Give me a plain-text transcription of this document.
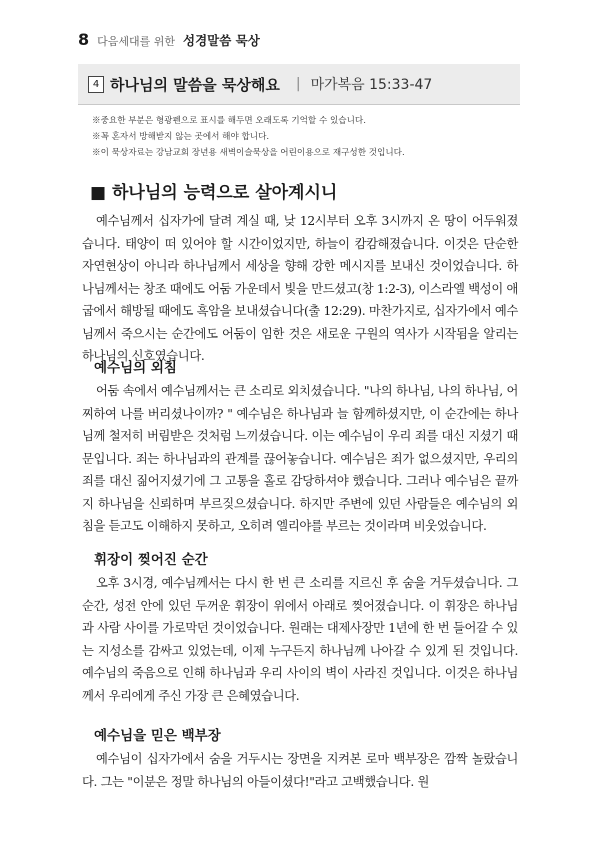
8 다음세대를 위한 성경말씀 묵상
4 하나님의 말씀을 묵상해요 | 마가복음 15:33-47
※중요한 부분은 형광펜으로 표시를 해두면 오래도록 기억할 수 있습니다.
※꼭 혼자서 방해받지 않는 곳에서 해야 합니다.
※이 묵상자료는 강남교회 장년용 새벽이슬묵상을 어린이용으로 재구성한 것입니다.
■ 하나님의 능력으로 살아계시니

예수님께서 십자가에 달려 계실 때, 낮 12시부터 오후 3시까지 온 땅이 어두워졌습니다. 태양이 떠 있어야 할 시간이었지만, 하늘이 캄캄해졌습니다. 이것은 단순한 자연현상이 아니라 하나님께서 세상을 향해 강한 메시지를 보내신 것이었습니다. 하나님께서는 창조 때에도 어둠 가운데서 빛을 만드셨고(창 1:2-3), 이스라엘 백성이 애굽에서 해방될 때에도 흑암을 보내셨습니다(출 12:29). 마찬가지로, 십자가에서 예수님께서 죽으시는 순간에도 어둠이 임한 것은 새로운 구원의 역사가 시작됨을 알리는 하나님의 신호였습니다.

예수님의 외침

어둠 속에서 예수님께서는 큰 소리로 외치셨습니다. "나의 하나님, 나의 하나님, 어찌하여 나를 버리셨나이까? " 예수님은 하나님과 늘 함께하셨지만, 이 순간에는 하나님께 철저히 버림받은 것처럼 느끼셨습니다. 이는 예수님이 우리 죄를 대신 지셨기 때문입니다. 죄는 하나님과의 관계를 끊어놓습니다. 예수님은 죄가 없으셨지만, 우리의 죄를 대신 짊어지셨기에 그 고통을 홀로 감당하셔야 했습니다. 그러나 예수님은 끝까지 하나님을 신뢰하며 부르짖으셨습니다. 하지만 주변에 있던 사람들은 예수님의 외침을 듣고도 이해하지 못하고, 오히려 엘리야를 부르는 것이라며 비웃었습니다.

휘장이 찢어진 순간

오후 3시경, 예수님께서는 다시 한 번 큰 소리를 지르신 후 숨을 거두셨습니다. 그 순간, 성전 안에 있던 두꺼운 휘장이 위에서 아래로 찢어졌습니다. 이 휘장은 하나님과 사람 사이를 가로막던 것이었습니다. 원래는 대제사장만 1년에 한 번 들어갈 수 있는 지성소를 감싸고 있었는데, 이제 누구든지 하나님께 나아갈 수 있게 된 것입니다. 예수님의 죽음으로 인해 하나님과 우리 사이의 벽이 사라진 것입니다. 이것은 하나님께서 우리에게 주신 가장 큰 은혜였습니다.

예수님을 믿은 백부장

예수님이 십자가에서 숨을 거두시는 장면을 지켜본 로마 백부장은 깜짝 놀랐습니다. 그는 "이분은 정말 하나님의 아들이셨다!"라고 고백했습니다. 원
